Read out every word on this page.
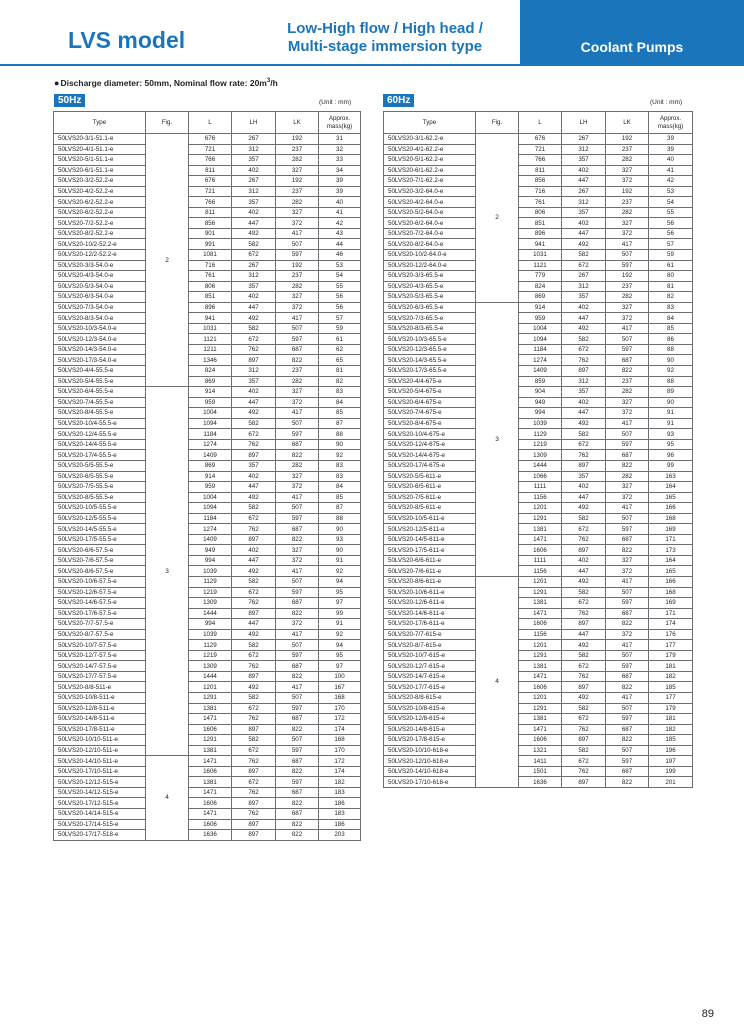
LVS model	Low-High flow / High head /
Multi-stage immersion type	Coolant Pumps
●Discharge diameter: 50mm, Nominal flow rate: $20m^3/h$
50Hz	(Unit : mm)	60Hz	(Unit : mm)
Type	Fig.	L	LH	LK	Approx.
mass(kg)
50LVS20-3/1-51.1-e	2	676	267	192	31
50LVS20-4/1-51.1-e		721	312	237	32
50LVS20-5/1-51.1-e		766	357	282	33
50LVS20-6/1-51.1-e		811	402	327	34
50LVS20-3/2-52.2-e		676	267	192	39
50LVS20-4/2-52.2-e		721	312	237	39
50LVS20-6/2-52.2-e		766	357	282	40
50LVS20-6/2-52.2-e		811	402	327	41
50LVS20-7/2-52.2-e		856	447	372	42
50LVS20-8/2-52.2-e		901	492	417	43
50LVS20-10/2-52.2-e		991	582	507	44
50LVS20-12/2-52.2-e		1081	672	597	46
50LVS20-3/3-54.0-e		716	267	192	53
50LVS20-4/3-54.0-e		761	312	237	54
50LVS20-5/3-54.0-e		806	357	282	55
50LVS20-6/3-54.0-e		851	402	327	56
50LVS20-7/3-54.0-e		896	447	372	56
50LVS20-8/3-54.0-e		941	492	417	57
50LVS20-10/3-54.0-e		1031	582	507	59
50LVS20-12/3-54.0-e		1121	672	597	61
50LVS20-14/3-54.0-e		1211	762	687	62
50LVS20-17/3-54.0-e		1346	897	822	65
50LVS20-4/4-55.5-e		824	312	237	81
50LVS20-5/4-55.5-e		869	357	282	82
50LVS20-6/4-55.5-e	3	914	402	327	83
50LVS20-7/4-55.5-e		959	447	372	84
50LVS20-8/4-55.5-e		1004	492	417	85
50LVS20-10/4-55.5-e		1094	582	507	87
50LVS20-12/4-55.5-e		1184	672	597	88
50LVS20-14/4-55.5-e		1274	762	687	90
50LVS20-17/4-55.5-e		1409	897	822	92
50LVS20-5/5-55.5-e		869	357	282	83
50LVS20-6/5-55.5-e		914	402	327	83
50LVS20-7/5-55.5-e		959	447	372	84
50LVS20-8/5-55.5-e		1004	492	417	85
50LVS20-10/5-55.5-e		1094	582	507	87
50LVS20-12/5-55.5-e		1184	672	597	88
50LVS20-14/5-55.5-e		1274	762	687	90
50LVS20-17/5-55.5-e		1409	897	822	93
50LVS20-6/6-57.5-e		949	402	327	90
50LVS20-7/6-57.5-e		994	447	372	91
50LVS20-8/6-57.5-e		1039	492	417	92
50LVS20-10/6-57.5-e		1129	582	507	94
50LVS20-12/6-57.5-e		1219	672	597	95
50LVS20-14/6-57.5-e		1309	762	687	97
50LVS20-17/6-57.5-e		1444	897	822	99
50LVS20-7/7-57.5-e		994	447	372	91
50LVS20-8/7-57.5-e		1039	492	417	92
50LVS20-10/7-57.5-e		1129	582	507	94
50LVS20-12/7-57.5-e		1219	672	597	95
50LVS20-14/7-57.5-e		1309	762	687	97
50LVS20-17/7-57.5-e		1444	897	822	100
50LVS20-8/8-511-e		1201	492	417	167
50LVS20-10/8-511-e		1291	582	507	168
50LVS20-12/8-511-e		1381	672	597	170
50LVS20-14/8-511-e		1471	762	687	172
50LVS20-17/8-511-e		1606	897	822	174
50LVS20-10/10-511-e		1291	582	507	168
50LVS20-12/10-511-e		1381	672	597	170
50LVS20-14/10-511-e	4	1471	762	687	172
50LVS20-17/10-511-e		1606	897	822	174
50LVS20-12/12-515-e		1381	672	597	182
50LVS20-14/12-515-e		1471	762	687	183
50LVS20-17/12-515-e		1606	897	822	186
50LVS20-14/14-515-e		1471	762	687	183
50LVS20-17/14-515-e		1606	897	822	186
50LVS20-17/17-518-e		1636	897	822	203
Type	Fig.	L	LH	LK	Approx.
mass(kg)
50LVS20-3/1-62.2-e	2	676	267	192	39
50LVS20-4/1-62.2-e		721	312	237	39
50LVS20-5/1-62.2-e		766	357	282	40
50LVS20-6/1-62.2-e		811	402	327	41
50LVS20-7/1-62.2-e		856	447	372	42
50LVS20-3/2-64.0-e		716	267	192	53
50LVS20-4/2-64.0-e		761	312	237	54
50LVS20-5/2-64.0-e		806	357	282	55
50LVS20-6/2-64.0-e		851	402	327	56
50LVS20-7/2-64.0-e		896	447	372	56
50LVS20-8/2-64.0-e		941	492	417	57
50LVS20-10/2-64.0-e		1031	582	507	59
50LVS20-12/2-64.0-e		1121	672	597	61
50LVS20-3/3-65.5-e		779	267	192	80
50LVS20-4/3-65.5-e		824	312	237	81
50LVS20-5/3-65.5-e		869	357	282	82
50LVS20-6/3-65.5-e	3	914	402	327	83
50LVS20-7/3-65.5-e		959	447	372	84
50LVS20-8/3-65.5-e		1004	492	417	85
50LVS20-10/3-65.5-e		1094	582	507	86
50LVS20-12/3-65.5-e		1184	672	597	88
50LVS20-14/3-65.5-e		1274	762	687	90
50LVS20-17/3-65.5-e		1409	897	822	92
50LVS20-4/4-675-e		859	312	237	88
50LVS20-5/4-675-e		904	357	282	89
50LVS20-6/4-675-e		949	402	327	90
50LVS20-7/4-675-e		994	447	372	91
50LVS20-8/4-675-e		1039	492	417	91
50LVS20-10/4-675-e		1129	582	507	93
50LVS20-12/4-675-e		1219	672	597	95
50LVS20-14/4-675-e		1309	762	687	96
50LVS20-17/4-675-e		1444	897	822	99
50LVS20-5/5-611-e		1066	357	282	163
50LVS20-6/5-611-e		1111	402	327	164
50LVS20-7/5-611-e		1156	447	372	165
50LVS20-8/5-611-e		1201	492	417	166
50LVS20-10/5-611-e		1291	582	507	168
50LVS20-12/5-611-e		1381	672	597	169
50LVS20-14/5-611-e		1471	762	687	171
50LVS20-17/5-611-e		1606	897	822	173
50LVS20-6/6-611-e		1111	402	327	164
50LVS20-7/6-611-e		1156	447	372	165
50LVS20-8/6-611-e	4	1201	492	417	166
50LVS20-10/6-611-e		1291	582	507	168
50LVS20-12/6-611-e		1381	672	597	169
50LVS20-14/6-611-e		1471	762	687	171
50LVS20-17/6-611-e		1606	897	822	174
50LVS20-7/7-615-e		1156	447	372	176
50LVS20-8/7-615-e		1201	492	417	177
50LVS20-10/7-615-e		1291	582	507	179
50LVS20-12/7-615-e		1381	672	597	181
50LVS20-14/7-615-e		1471	762	687	182
50LVS20-17/7-615-e		1606	897	822	185
50LVS20-8/8-615-e		1201	492	417	177
50LVS20-10/8-615-e		1291	582	507	179
50LVS20-12/8-615-e		1381	672	597	181
50LVS20-14/8-615-e		1471	762	687	182
50LVS20-17/8-615-e		1606	897	822	185
50LVS20-10/10-618-e		1321	582	507	196
50LVS20-12/10-618-e		1411	672	597	197
50LVS20-14/10-618-e		1501	762	687	199
50LVS20-17/10-618-e		1636	897	822	201
89
